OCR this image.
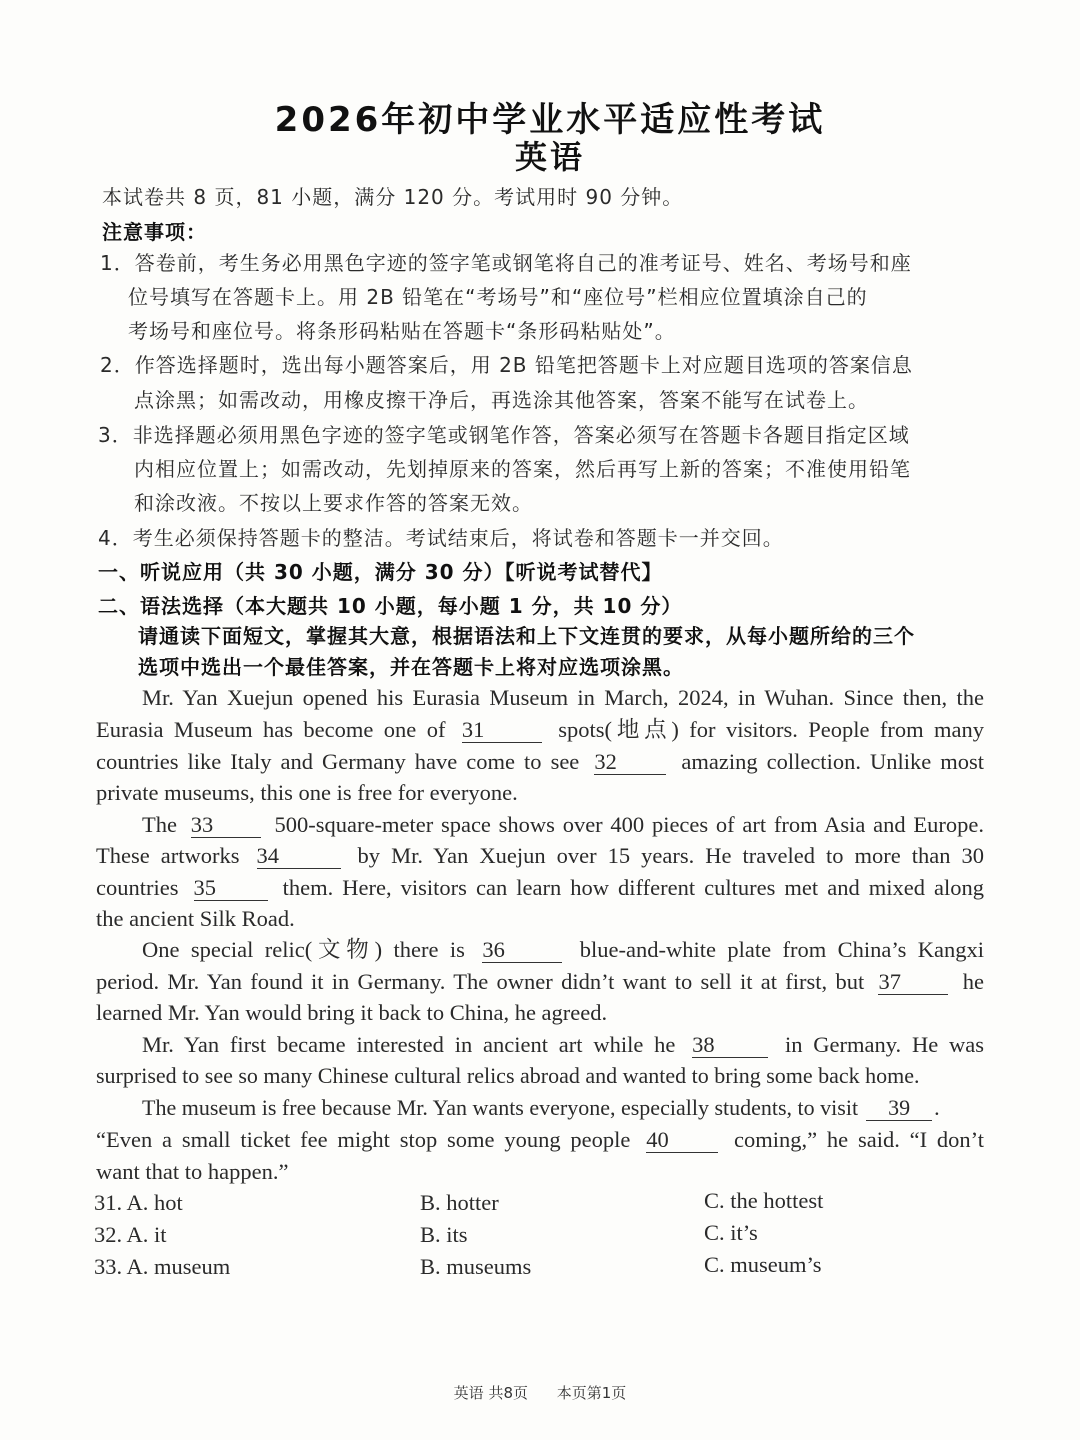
2026年初中学业水平适应性考试
英语
本试卷共 8 页，81 小题，满分 120 分。考试用时 90 分钟。
注意事项：
1．答卷前，考生务必用黑色字迹的签字笔或钢笔将自己的准考证号、姓名、考场号和座
位号填写在答题卡上。用 2B 铅笔在“考场号”和“座位号”栏相应位置填涂自己的
考场号和座位号。将条形码粘贴在答题卡“条形码粘贴处”。
2．作答选择题时，选出每小题答案后，用 2B 铅笔把答题卡上对应题目选项的答案信息
点涂黑；如需改动，用橡皮擦干净后，再选涂其他答案，答案不能写在试卷上。
3．非选择题必须用黑色字迹的签字笔或钢笔作答，答案必须写在答题卡各题目指定区域
内相应位置上；如需改动，先划掉原来的答案，然后再写上新的答案；不准使用铅笔
和涂改液。不按以上要求作答的答案无效。
4．考生必须保持答题卡的整洁。考试结束后，将试卷和答题卡一并交回。
一、听说应用（共 30 小题，满分 30 分）【听说考试替代】
二、语法选择（本大题共 10 小题，每小题 1 分，共 10 分）
请通读下面短文，掌握其大意，根据语法和上下文连贯的要求，从每小题所给的三个
选项中选出一个最佳答案，并在答题卡上将对应选项涂黑。
Mr. Yan Xuejun opened his Eurasia Museum in March, 2024, in Wuhan. Since then, the
Eurasia Museum has become one of 31	spots(地点) for visitors. People from many
countries like Italy and Germany have come to see 32	amazing collection. Unlike most
private museums, this one is free for everyone.
The 33	500-square-meter space shows over 400 pieces of art from Asia and Europe.
These artworks 34	by Mr. Yan Xuejun over 15 years. He traveled to more than 30
countries 35	them. Here, visitors can learn how different cultures met and mixed along
the ancient Silk Road.
One special relic(文物) there is 36	blue-and-white plate from China’s Kangxi
period. Mr. Yan found it in Germany. The owner didn’t want to sell it at first, but 37	he
learned Mr. Yan would bring it back to China, he agreed.
Mr. Yan first became interested in ancient art while he 38	in Germany. He was
surprised to see so many Chinese cultural relics abroad and wanted to bring some back home.
The museum is free because Mr. Yan wants everyone, especially students, to visit 39 .
“Even a small ticket fee might stop some young people 40	coming,” he said. “I don’t
want that to happen.”
31. A. hot	B. hotter	C. the hottest
32. A. it	B. its	C. it’s
33. A. museum	B. museums	C. museum’s
英语 共8页 本页第1页
